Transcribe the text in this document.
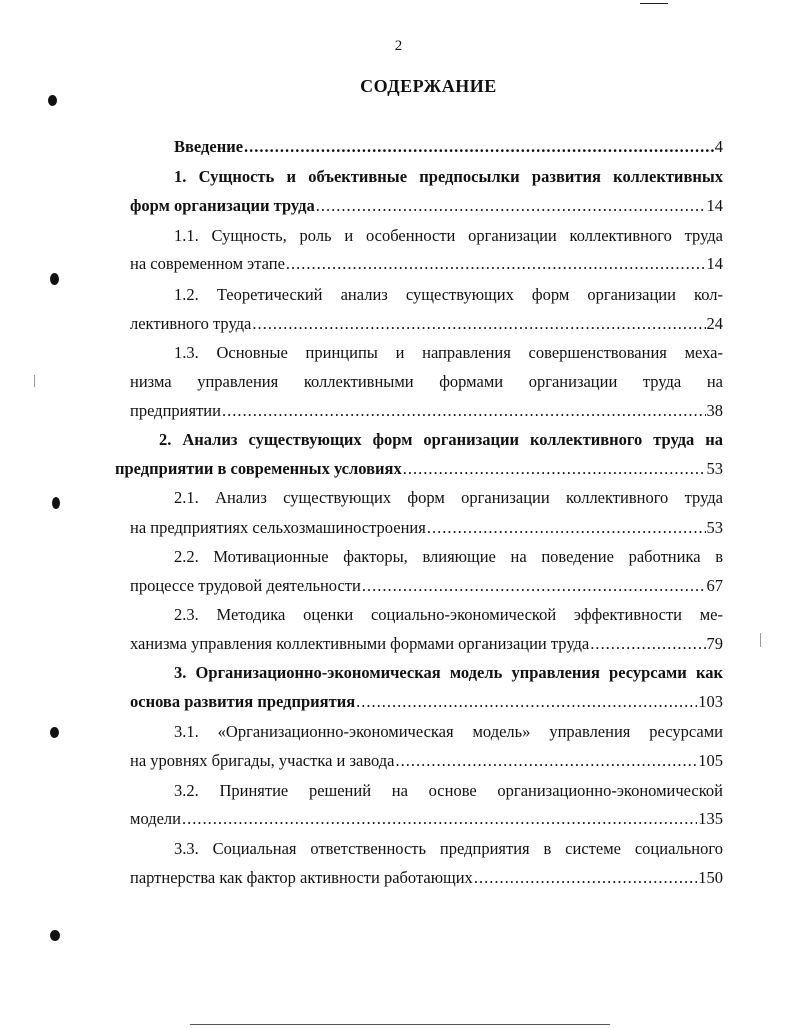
2
СОДЕРЖАНИЕ
Введение .....	4
1. Сущность и объективные предпосылки развития коллективных
форм организации труда .....	14
1.1. Сущность, роль и особенности организации коллективного труда
на современном этапе .....	14
1.2. Теоретический анализ существующих форм организации кол-
лективного труда .....	24
1.3. Основные принципы и направления совершенствования меха-
низма управления коллективными формами организации труда на
предприятии .....	38
2. Анализ существующих форм организации коллективного труда на
предприятии в современных условиях .....	53
2.1. Анализ существующих форм организации коллективного труда
на предприятиях сельхозмашиностроения .....	53
2.2. Мотивационные факторы, влияющие на поведение работника в
процессе трудовой деятельности .....	67
2.3. Методика оценки социально-экономической эффективности ме-
ханизма управления коллективными формами организации труда .....	79
3. Организационно-экономическая модель управления ресурсами как
основа развития предприятия .....	103
3.1. «Организационно-экономическая модель» управления ресурсами
на уровнях бригады, участка и завода .....	105
3.2. Принятие решений на основе организационно-экономической
модели .....	135
3.3. Социальная ответственность предприятия в системе социального
партнерства как фактор активности работающих .....	150
